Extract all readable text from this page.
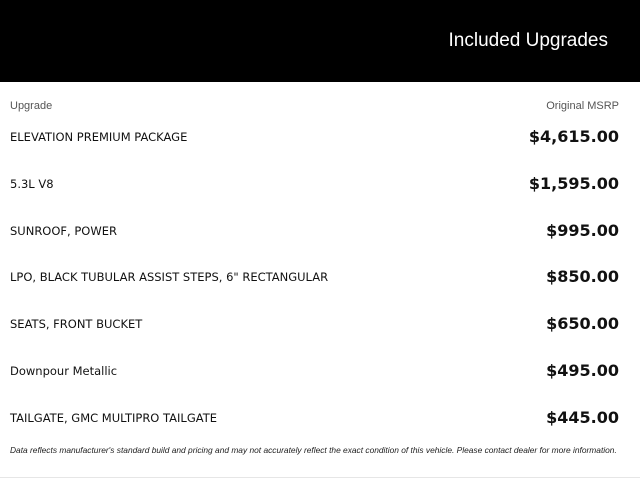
Included Upgrades
Upgrade	Original MSRP
ELEVATION PREMIUM PACKAGE	$4,615.00
5.3L V8	$1,595.00
SUNROOF, POWER	$995.00
LPO, BLACK TUBULAR ASSIST STEPS, 6" RECTANGULAR	$850.00
SEATS, FRONT BUCKET	$650.00
Downpour Metallic	$495.00
TAILGATE, GMC MULTIPRO TAILGATE	$445.00
Data reflects manufacturer's standard build and pricing and may not accurately reflect the exact condition of this vehicle. Please contact dealer for more information.
